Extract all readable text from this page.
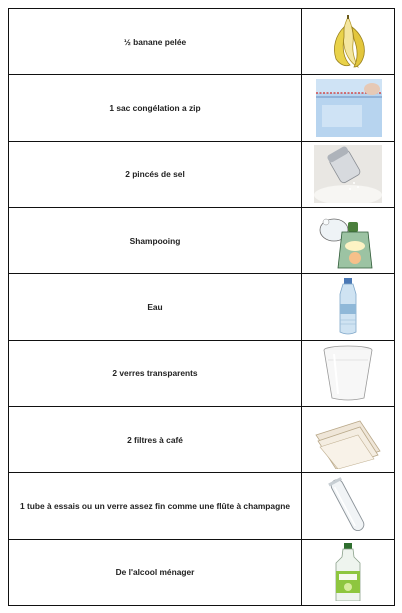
½ banane pelée	

1 sac congélation a zip	

2 pincés de sel	

Shampooing	

Eau	

2 verres transparents	

2 filtres à café	

1 tube à essais ou un verre assez fin comme une flûte à champagne	

De l'alcool ménager	
